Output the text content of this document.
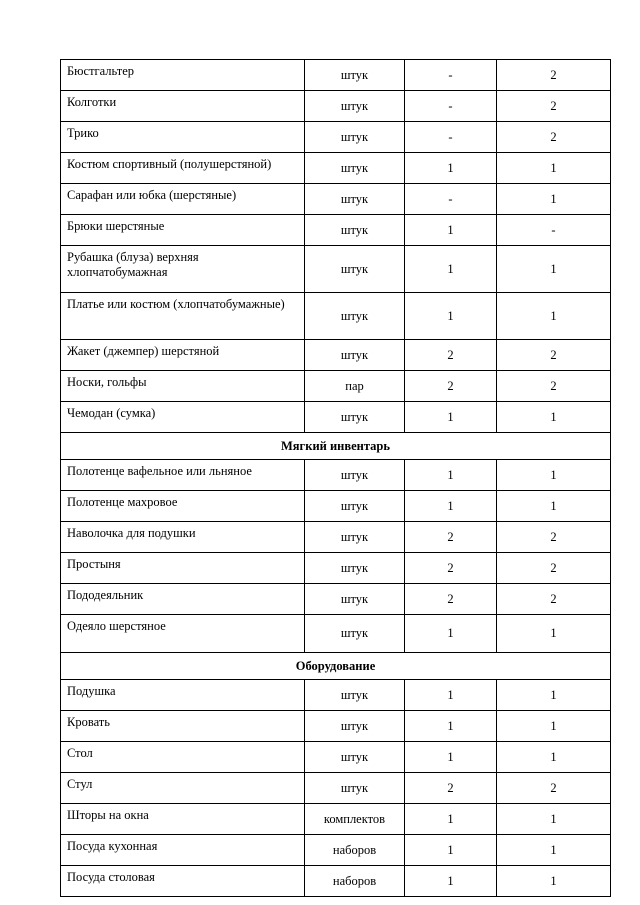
Бюстгальтер	штук	-	2
Колготки	штук	-	2
Трико	штук	-	2
Костюм спортивный (полушерстяной)	штук	1	1
Сарафан или юбка (шерстяные)	штук	-	1
Брюки шерстяные	штук	1	-
Рубашка (блуза) верхняя хлопчатобумажная	штук	1	1
Платье или костюм (хлопчатобумажные)	штук	1	1
Жакет (джемпер) шерстяной	штук	2	2
Носки, гольфы	пар	2	2
Чемодан (сумка)	штук	1	1
Мягкий инвентарь			
Полотенце вафельное или льняное	штук	1	1
Полотенце махровое	штук	1	1
Наволочка для подушки	штук	2	2
Простыня	штук	2	2
Пододеяльник	штук	2	2
Одеяло шерстяное	штук	1	1
Оборудование			
Подушка	штук	1	1
Кровать	штук	1	1
Стол	штук	1	1
Стул	штук	2	2
Шторы на окна	комплектов	1	1
Посуда кухонная	наборов	1	1
Посуда столовая	наборов	1	1
